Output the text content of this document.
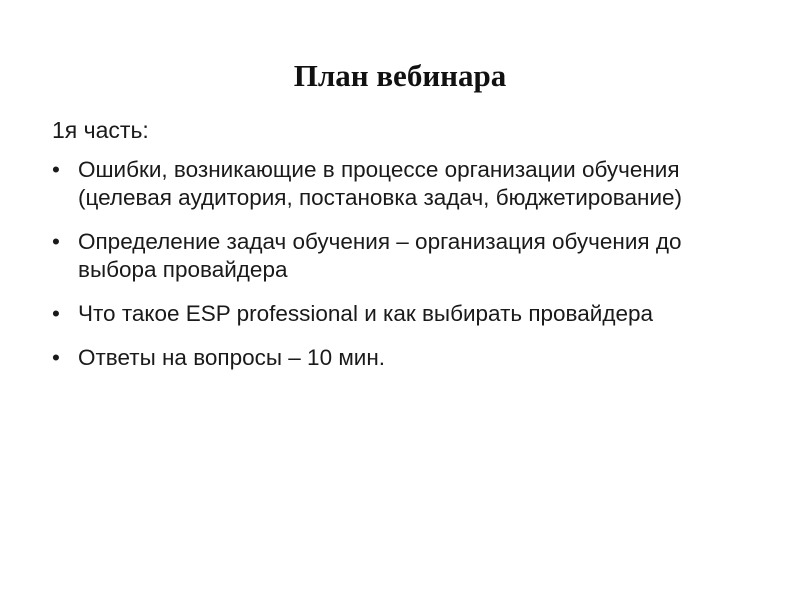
План вебинара
1я часть:
• Ошибки, возникающие в процессе организации обучения (целевая аудитория, постановка задач, бюджетирование)
• Определение задач обучения – организация обучения до выбора провайдера
• Что такое ESP professional и как выбирать провайдера
• Ответы на вопросы – 10 мин.
